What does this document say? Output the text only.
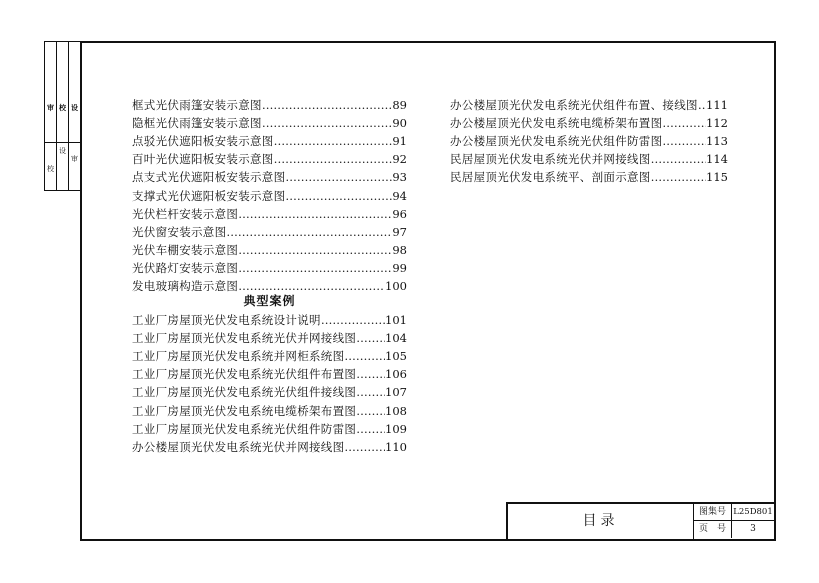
审 校 设
校
设
审
框式光伏雨篷安装示意图 ………………………………………………………………………………	89
隐框光伏雨篷安装示意图 ………………………………………………………………………………	90
点驳光伏遮阳板安装示意图 ………………………………………………………………………………	91
百叶光伏遮阳板安装示意图 ………………………………………………………………………………	92
点支式光伏遮阳板安装示意图 ………………………………………………………………………………	93
支撑式光伏遮阳板安装示意图 ………………………………………………………………………………	94
光伏栏杆安装示意图 ………………………………………………………………………………	96
光伏窗安装示意图 ………………………………………………………………………………	97
光伏车棚安装示意图 ………………………………………………………………………………	98
光伏路灯安装示意图 ………………………………………………………………………………	99
发电玻璃构造示意图 ………………………………………………………………………………	100
典型案例
工业厂房屋顶光伏发电系统设计说明 ………………………………………………………………………………	101
工业厂房屋顶光伏发电系统光伏并网接线图 ………………………………………………………………………………	104
工业厂房屋顶光伏发电系统并网柜系统图 ………………………………………………………………………………	105
工业厂房屋顶光伏发电系统光伏组件布置图 ………………………………………………………………………………	106
工业厂房屋顶光伏发电系统光伏组件接线图 ………………………………………………………………………………	107
工业厂房屋顶光伏发电系统电缆桥架布置图 ………………………………………………………………………………	108
工业厂房屋顶光伏发电系统光伏组件防雷图 ………………………………………………………………………………	109
办公楼屋顶光伏发电系统光伏并网接线图 ………………………………………………………………………………	110
办公楼屋顶光伏发电系统光伏组件布置、接线图 ……………………………………………………………………………… 111
办公楼屋顶光伏发电系统电缆桥架布置图 ………………………………………………………………………………	112
办公楼屋顶光伏发电系统光伏组件防雷图 ………………………………………………………………………………	113
民居屋顶光伏发电系统光伏并网接线图 ………………………………………………………………………………	114
民居屋顶光伏发电系统平、剖面示意图 ………………………………………………………………………………	115
目录
图集号 L25D801
页　号	3
